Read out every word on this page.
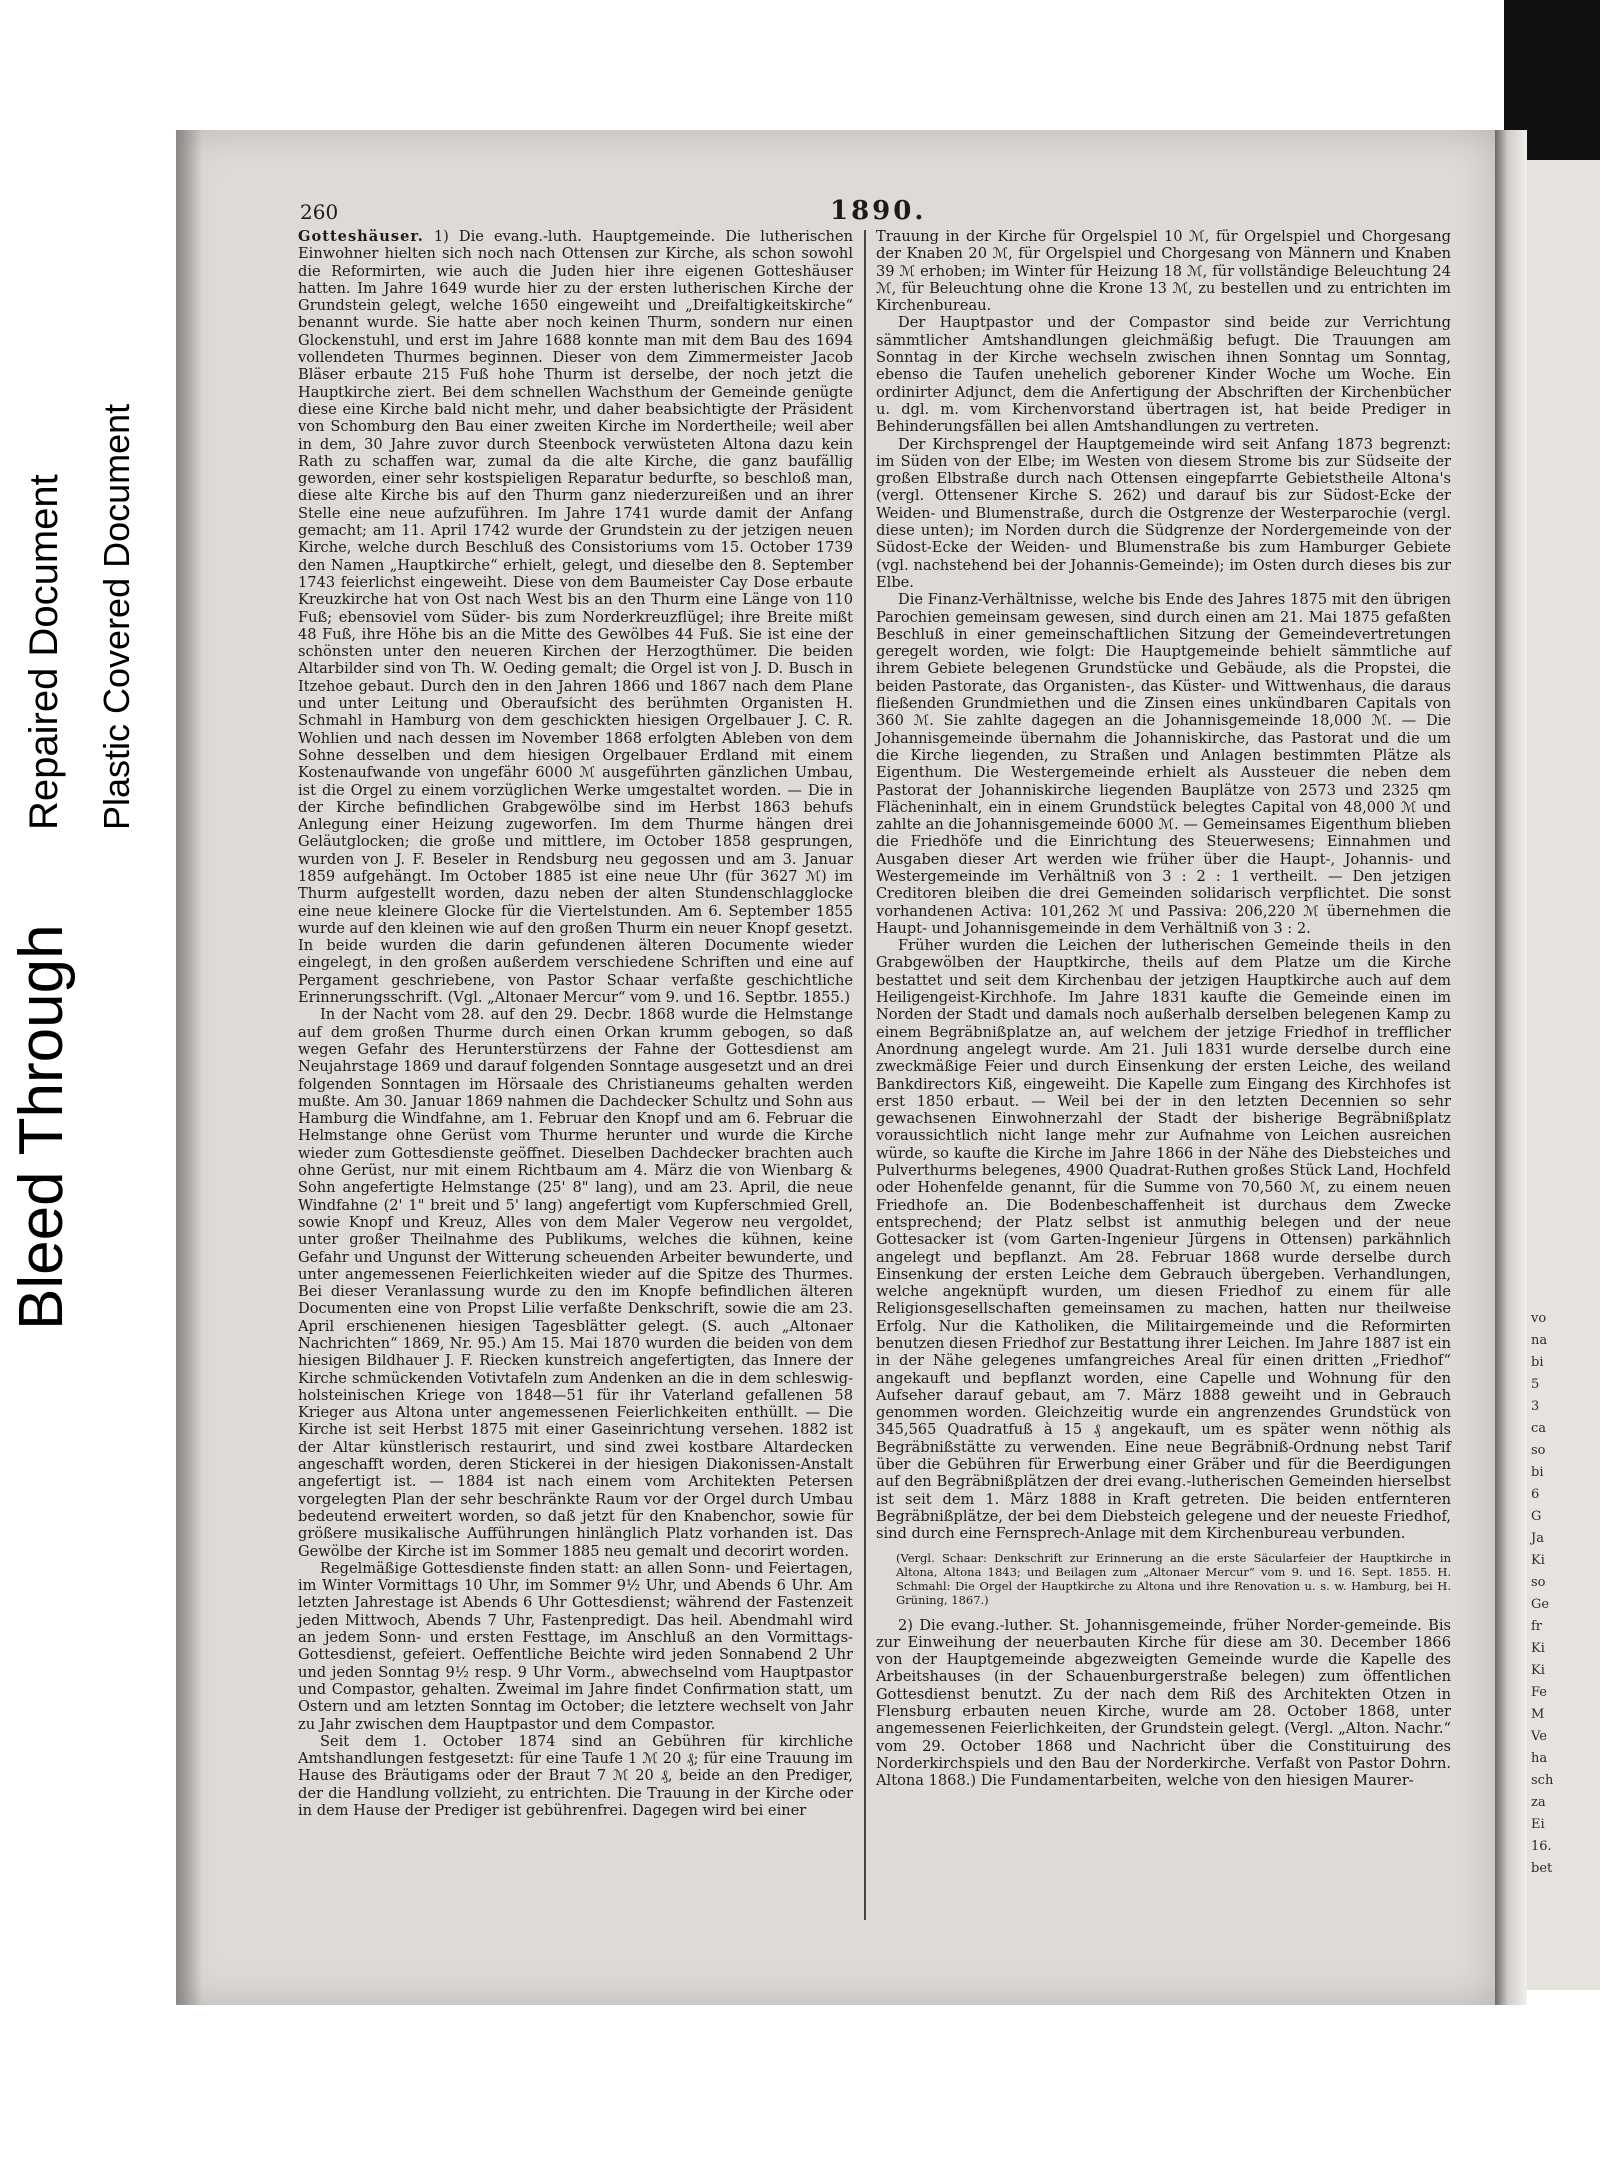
Bleed Through
Repaired Document Plastic Covered Document
vo
na
bi
5
3
ca
so
bi
6
G
Ja
Ki
so
Ge
fr
Ki
Ki
Fe
M
Ve
ha
sch
za
Ei
16.
bet
260	1890.

Gotteshäuser. 1) Die evang.-luth. Hauptgemeinde. Die lutherischen Einwohner hielten sich noch nach Ottensen zur Kirche, als schon sowohl die Reformirten, wie auch die Juden hier ihre eigenen Gotteshäuser hatten. Im Jahre 1649 wurde hier zu der ersten lutherischen Kirche der Grundstein gelegt, welche 1650 eingeweiht und „Dreifaltigkeitskirche“ benannt wurde. Sie hatte aber noch keinen Thurm, sondern nur einen Glockenstuhl, und erst im Jahre 1688 konnte man mit dem Bau des 1694 vollendeten Thurmes beginnen. Dieser von dem Zimmermeister Jacob Bläser erbaute 215 Fuß hohe Thurm ist derselbe, der noch jetzt die Hauptkirche ziert. Bei dem schnellen Wachsthum der Gemeinde genügte diese eine Kirche bald nicht mehr, und daher beabsichtigte der Präsident von Schomburg den Bau einer zweiten Kirche im Nordertheile; weil aber in dem, 30 Jahre zuvor durch Steenbock verwüsteten Altona dazu kein Rath zu schaffen war, zumal da die alte Kirche, die ganz baufällig geworden, einer sehr kostspieligen Reparatur bedurfte, so beschloß man, diese alte Kirche bis auf den Thurm ganz niederzureißen und an ihrer Stelle eine neue aufzuführen. Im Jahre 1741 wurde damit der Anfang gemacht; am 11. April 1742 wurde der Grundstein zu der jetzigen neuen Kirche, welche durch Beschluß des Consistoriums vom 15. October 1739 den Namen „Hauptkirche“ erhielt, gelegt, und dieselbe den 8. September 1743 feierlichst eingeweiht. Diese von dem Baumeister Cay Dose erbaute Kreuzkirche hat von Ost nach West bis an den Thurm eine Länge von 110 Fuß; ebensoviel vom Süder- bis zum Norderkreuzflügel; ihre Breite mißt 48 Fuß, ihre Höhe bis an die Mitte des Gewölbes 44 Fuß. Sie ist eine der schönsten unter den neueren Kirchen der Herzogthümer. Die beiden Altarbilder sind von Th. W. Oeding gemalt; die Orgel ist von J. D. Busch in Itzehoe gebaut. Durch den in den Jahren 1866 und 1867 nach dem Plane und unter Leitung und Oberaufsicht des berühmten Organisten H. Schmahl in Hamburg von dem geschickten hiesigen Orgelbauer J. C. R. Wohlien und nach dessen im November 1868 erfolgten Ableben von dem Sohne desselben und dem hiesigen Orgelbauer Erdland mit einem Kostenaufwande von ungefähr 6000 ℳ ausgeführten gänzlichen Umbau, ist die Orgel zu einem vorzüglichen Werke umgestaltet worden. — Die in der Kirche befindlichen Grabgewölbe sind im Herbst 1863 behufs Anlegung einer Heizung zugeworfen. Im dem Thurme hängen drei Geläutglocken; die große und mittlere, im October 1858 gesprungen, wurden von J. F. Beseler in Rendsburg neu gegossen und am 3. Januar 1859 aufgehängt. Im October 1885 ist eine neue Uhr (für 3627 ℳ) im Thurm aufgestellt worden, dazu neben der alten Stundenschlagglocke eine neue kleinere Glocke für die Viertelstunden. Am 6. September 1855 wurde auf den kleinen wie auf den großen Thurm ein neuer Knopf gesetzt. In beide wurden die darin gefundenen älteren Documente wieder eingelegt, in den großen außerdem verschiedene Schriften und eine auf Pergament geschriebene, von Pastor Schaar verfaßte geschichtliche Erinnerungsschrift. (Vgl. „Altonaer Mercur“ vom 9. und 16. Septbr. 1855.)

In der Nacht vom 28. auf den 29. Decbr. 1868 wurde die Helmstange auf dem großen Thurme durch einen Orkan krumm gebogen, so daß wegen Gefahr des Herunterstürzens der Fahne der Gottesdienst am Neujahrstage 1869 und darauf folgenden Sonntage ausgesetzt und an drei folgenden Sonntagen im Hörsaale des Christianeums gehalten werden mußte. Am 30. Januar 1869 nahmen die Dachdecker Schultz und Sohn aus Hamburg die Windfahne, am 1. Februar den Knopf und am 6. Februar die Helmstange ohne Gerüst vom Thurme herunter und wurde die Kirche wieder zum Gottesdienste geöffnet. Dieselben Dachdecker brachten auch ohne Gerüst, nur mit einem Richtbaum am 4. März die von Wienbarg & Sohn angefertigte Helmstange (25' 8" lang), und am 23. April, die neue Windfahne (2' 1" breit und 5' lang) angefertigt vom Kupferschmied Grell, sowie Knopf und Kreuz, Alles von dem Maler Vegerow neu vergoldet, unter großer Theilnahme des Publikums, welches die kühnen, keine Gefahr und Ungunst der Witterung scheuenden Arbeiter bewunderte, und unter angemessenen Feierlichkeiten wieder auf die Spitze des Thurmes. Bei dieser Veranlassung wurde zu den im Knopfe befindlichen älteren Documenten eine von Propst Lilie verfaßte Denkschrift, sowie die am 23. April erschienenen hiesigen Tagesblätter gelegt. (S. auch „Altonaer Nachrichten“ 1869, Nr. 95.) Am 15. Mai 1870 wurden die beiden von dem hiesigen Bildhauer J. F. Riecken kunstreich angefertigten, das Innere der Kirche schmückenden Votivtafeln zum Andenken an die in dem schleswig-holsteinischen Kriege von 1848—51 für ihr Vaterland gefallenen 58 Krieger aus Altona unter angemessenen Feierlichkeiten enthüllt. — Die Kirche ist seit Herbst 1875 mit einer Gaseinrichtung versehen. 1882 ist der Altar künstlerisch restaurirt, und sind zwei kostbare Altardecken angeschafft worden, deren Stickerei in der hiesigen Diakonissen-Anstalt angefertigt ist. — 1884 ist nach einem vom Architekten Petersen vorgelegten Plan der sehr beschränkte Raum vor der Orgel durch Umbau bedeutend erweitert worden, so daß jetzt für den Knabenchor, sowie für größere musikalische Aufführungen hinlänglich Platz vorhanden ist. Das Gewölbe der Kirche ist im Sommer 1885 neu gemalt und decorirt worden.

Regelmäßige Gottesdienste finden statt: an allen Sonn- und Feiertagen, im Winter Vormittags 10 Uhr, im Sommer 9½ Uhr, und Abends 6 Uhr. Am letzten Jahrestage ist Abends 6 Uhr Gottesdienst; während der Fastenzeit jeden Mittwoch, Abends 7 Uhr, Fastenpredigt. Das heil. Abendmahl wird an jedem Sonn- und ersten Festtage, im Anschluß an den Vormittags-Gottesdienst, gefeiert. Oeffentliche Beichte wird jeden Sonnabend 2 Uhr und jeden Sonntag 9½ resp. 9 Uhr Vorm., abwechselnd vom Hauptpastor und Compastor, gehalten. Zweimal im Jahre findet Confirmation statt, um Ostern und am letzten Sonntag im October; die letztere wechselt von Jahr zu Jahr zwischen dem Hauptpastor und dem Compastor.

Seit dem 1. October 1874 sind an Gebühren für kirchliche Amtshandlungen festgesetzt: für eine Taufe 1 ℳ 20 ₰; für eine Trauung im Hause des Bräutigams oder der Braut 7 ℳ 20 ₰, beide an den Prediger, der die Handlung vollzieht, zu entrichten. Die Trauung in der Kirche oder in dem Hause der Prediger ist gebührenfrei. Dagegen wird bei einer

Trauung in der Kirche für Orgelspiel 10 ℳ, für Orgelspiel und Chorgesang der Knaben 20 ℳ, für Orgelspiel und Chorgesang von Männern und Knaben 39 ℳ erhoben; im Winter für Heizung 18 ℳ, für vollständige Beleuchtung 24 ℳ, für Beleuchtung ohne die Krone 13 ℳ, zu bestellen und zu entrichten im Kirchenbureau.

Der Hauptpastor und der Compastor sind beide zur Verrichtung sämmtlicher Amtshandlungen gleichmäßig befugt. Die Trauungen am Sonntag in der Kirche wechseln zwischen ihnen Sonntag um Sonntag, ebenso die Taufen unehelich geborener Kinder Woche um Woche. Ein ordinirter Adjunct, dem die Anfertigung der Abschriften der Kirchenbücher u. dgl. m. vom Kirchenvorstand übertragen ist, hat beide Prediger in Behinderungsfällen bei allen Amtshandlungen zu vertreten.

Der Kirchsprengel der Hauptgemeinde wird seit Anfang 1873 begrenzt: im Süden von der Elbe; im Westen von diesem Strome bis zur Südseite der großen Elbstraße durch nach Ottensen eingepfarrte Gebietstheile Altona's (vergl. Ottensener Kirche S. 262) und darauf bis zur Südost-Ecke der Weiden- und Blumenstraße, durch die Ostgrenze der Westerparochie (vergl. diese unten); im Norden durch die Südgrenze der Nordergemeinde von der Südost-Ecke der Weiden- und Blumenstraße bis zum Hamburger Gebiete (vgl. nachstehend bei der Johannis-Gemeinde); im Osten durch dieses bis zur Elbe.

Die Finanz-Verhältnisse, welche bis Ende des Jahres 1875 mit den übrigen Parochien gemeinsam gewesen, sind durch einen am 21. Mai 1875 gefaßten Beschluß in einer gemeinschaftlichen Sitzung der Gemeindevertretungen geregelt worden, wie folgt: Die Hauptgemeinde behielt sämmtliche auf ihrem Gebiete belegenen Grundstücke und Gebäude, als die Propstei, die beiden Pastorate, das Organisten-, das Küster- und Wittwenhaus, die daraus fließenden Grundmiethen und die Zinsen eines unkündbaren Capitals von 360 ℳ. Sie zahlte dagegen an die Johannisgemeinde 18,000 ℳ. — Die Johannisgemeinde übernahm die Johanniskirche, das Pastorat und die um die Kirche liegenden, zu Straßen und Anlagen bestimmten Plätze als Eigenthum. Die Westergemeinde erhielt als Aussteuer die neben dem Pastorat der Johanniskirche liegenden Bauplätze von 2573 und 2325 qm Flächeninhalt, ein in einem Grundstück belegtes Capital von 48,000 ℳ und zahlte an die Johannisgemeinde 6000 ℳ. — Gemeinsames Eigenthum blieben die Friedhöfe und die Einrichtung des Steuerwesens; Einnahmen und Ausgaben dieser Art werden wie früher über die Haupt-, Johannis- und Westergemeinde im Verhältniß von 3 : 2 : 1 vertheilt. — Den jetzigen Creditoren bleiben die drei Gemeinden solidarisch verpflichtet. Die sonst vorhandenen Activa: 101,262 ℳ und Passiva: 206,220 ℳ übernehmen die Haupt- und Johannisgemeinde in dem Verhältniß von 3 : 2.

Früher wurden die Leichen der lutherischen Gemeinde theils in den Grabgewölben der Hauptkirche, theils auf dem Platze um die Kirche bestattet und seit dem Kirchenbau der jetzigen Hauptkirche auch auf dem Heiligengeist-Kirchhofe. Im Jahre 1831 kaufte die Gemeinde einen im Norden der Stadt und damals noch außerhalb derselben belegenen Kamp zu einem Begräbnißplatze an, auf welchem der jetzige Friedhof in trefflicher Anordnung angelegt wurde. Am 21. Juli 1831 wurde derselbe durch eine zweckmäßige Feier und durch Einsenkung der ersten Leiche, des weiland Bankdirectors Kiß, eingeweiht. Die Kapelle zum Eingang des Kirchhofes ist erst 1850 erbaut. — Weil bei der in den letzten Decennien so sehr gewachsenen Einwohnerzahl der Stadt der bisherige Begräbnißplatz voraussichtlich nicht lange mehr zur Aufnahme von Leichen ausreichen würde, so kaufte die Kirche im Jahre 1866 in der Nähe des Diebsteiches und Pulverthurms belegenes, 4900 Quadrat-Ruthen großes Stück Land, Hochfeld oder Hohenfelde genannt, für die Summe von 70,560 ℳ, zu einem neuen Friedhofe an. Die Bodenbeschaffenheit ist durchaus dem Zwecke entsprechend; der Platz selbst ist anmuthig belegen und der neue Gottesacker ist (vom Garten-Ingenieur Jürgens in Ottensen) parkähnlich angelegt und bepflanzt. Am 28. Februar 1868 wurde derselbe durch Einsenkung der ersten Leiche dem Gebrauch übergeben. Verhandlungen, welche angeknüpft wurden, um diesen Friedhof zu einem für alle Religionsgesellschaften gemeinsamen zu machen, hatten nur theilweise Erfolg. Nur die Katholiken, die Militairgemeinde und die Reformirten benutzen diesen Friedhof zur Bestattung ihrer Leichen. Im Jahre 1887 ist ein in der Nähe gelegenes umfangreiches Areal für einen dritten „Friedhof“ angekauft und bepflanzt worden, eine Capelle und Wohnung für den Aufseher darauf gebaut, am 7. März 1888 geweiht und in Gebrauch genommen worden. Gleichzeitig wurde ein angrenzendes Grundstück von 345,565 Quadratfuß à 15 ₰ angekauft, um es später wenn nöthig als Begräbnißstätte zu verwenden. Eine neue Begräbniß-Ordnung nebst Tarif über die Gebühren für Erwerbung einer Gräber und für die Beerdigungen auf den Begräbnißplätzen der drei evang.-lutherischen Gemeinden hierselbst ist seit dem 1. März 1888 in Kraft getreten. Die beiden entfernteren Begräbnißplätze, der bei dem Diebsteich gelegene und der neueste Friedhof, sind durch eine Fernsprech-Anlage mit dem Kirchenbureau verbunden.

(Vergl. Schaar: Denkschrift zur Erinnerung an die erste Säcularfeier der Hauptkirche in Altona, Altona 1843; und Beilagen zum „Altonaer Mercur“ vom 9. und 16. Sept. 1855. H. Schmahl: Die Orgel der Hauptkirche zu Altona und ihre Renovation u. s. w. Hamburg, bei H. Grüning, 1867.)

2) Die evang.-luther. St. Johannisgemeinde, früher Norder-gemeinde. Bis zur Einweihung der neuerbauten Kirche für diese am 30. December 1866 von der Hauptgemeinde abgezweigten Gemeinde wurde die Kapelle des Arbeitshauses (in der Schauenburgerstraße belegen) zum öffentlichen Gottesdienst benutzt. Zu der nach dem Riß des Architekten Otzen in Flensburg erbauten neuen Kirche, wurde am 28. October 1868, unter angemessenen Feierlichkeiten, der Grundstein gelegt. (Vergl. „Alton. Nachr.“ vom 29. October 1868 und Nachricht über die Constituirung des Norderkirchspiels und den Bau der Norderkirche. Verfaßt von Pastor Dohrn. Altona 1868.) Die Fundamentarbeiten, welche von den hiesigen Maurer-
